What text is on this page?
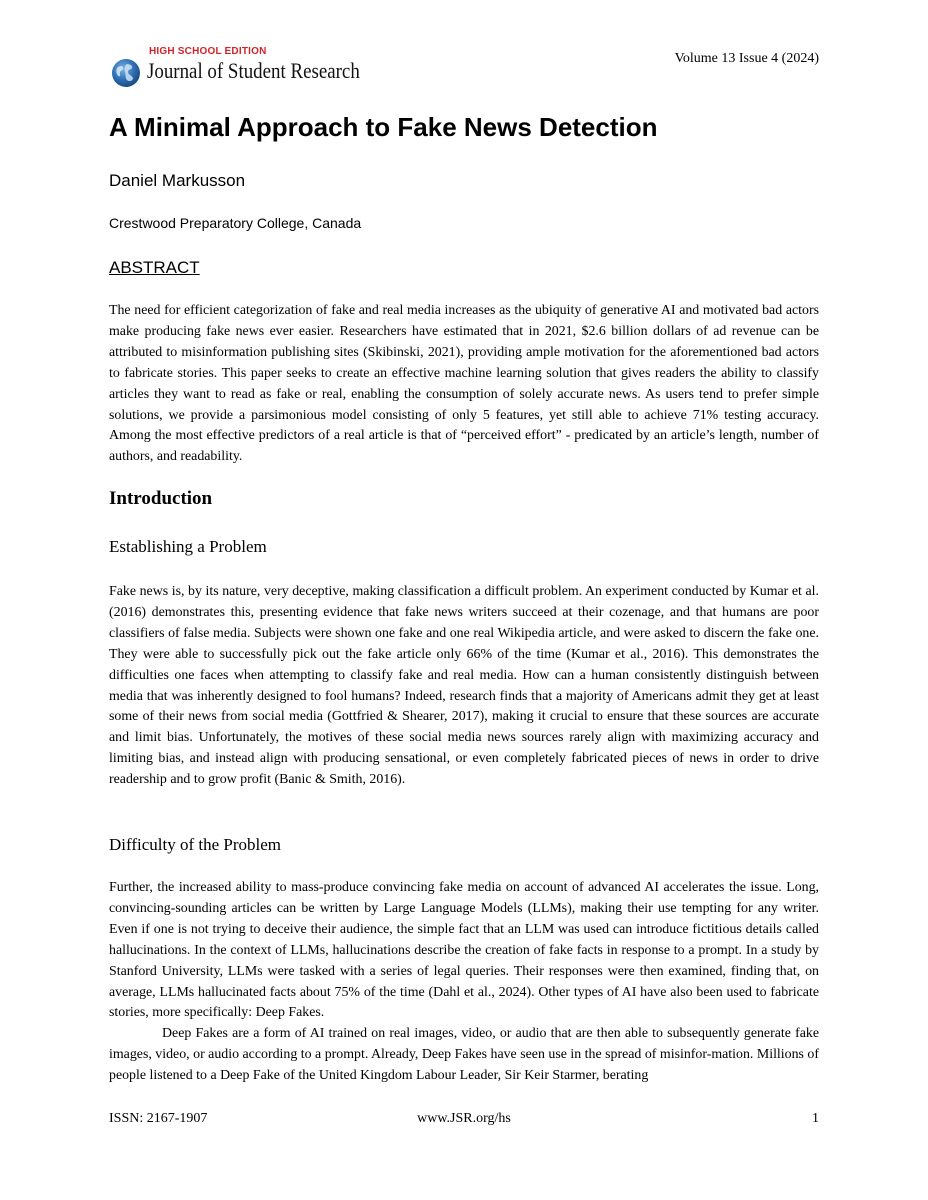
HIGH SCHOOL EDITION
Journal of Student Research	Volume 13 Issue 4 (2024)
A Minimal Approach to Fake News Detection
Daniel Markusson
Crestwood Preparatory College, Canada
ABSTRACT

The need for efficient categorization of fake and real media increases as the ubiquity of generative AI and motivated bad actors make producing fake news ever easier. Researchers have estimated that in 2021, $2.6 billion dollars of ad revenue can be attributed to misinformation publishing sites (Skibinski, 2021), providing ample motivation for the aforementioned bad actors to fabricate stories. This paper seeks to create an effective machine learning solution that gives readers the ability to classify articles they want to read as fake or real, enabling the consumption of solely accurate news. As users tend to prefer simple solutions, we provide a parsimonious model consisting of only 5 features, yet still able to achieve 71% testing accuracy. Among the most effective predictors of a real article is that of “perceived effort” - predicated by an article’s length, number of authors, and readability.

Introduction
Establishing a Problem

Fake news is, by its nature, very deceptive, making classification a difficult problem. An experiment conducted by Kumar et al. (2016) demonstrates this, presenting evidence that fake news writers succeed at their cozenage, and that humans are poor classifiers of false media. Subjects were shown one fake and one real Wikipedia article, and were asked to discern the fake one. They were able to successfully pick out the fake article only 66% of the time (Kumar et al., 2016). This demonstrates the difficulties one faces when attempting to classify fake and real media. How can a human consistently distinguish between media that was inherently designed to fool humans? Indeed, research finds that a majority of Americans admit they get at least some of their news from social media (Gottfried & Shearer, 2017), making it crucial to ensure that these sources are accurate and limit bias. Unfortunately, the motives of these social media news sources rarely align with maximizing accuracy and limiting bias, and instead align with producing sensational, or even completely fabricated pieces of news in order to drive readership and to grow profit (Banic & Smith, 2016).

Difficulty of the Problem

Further, the increased ability to mass-produce convincing fake media on account of advanced AI accelerates the issue. Long, convincing-sounding articles can be written by Large Language Models (LLMs), making their use tempting for any writer. Even if one is not trying to deceive their audience, the simple fact that an LLM was used can introduce fictitious details called hallucinations. In the context of LLMs, hallucinations describe the creation of fake facts in response to a prompt. In a study by Stanford University, LLMs were tasked with a series of legal queries. Their responses were then examined, finding that, on average, LLMs hallucinated facts about 75% of the time (Dahl et al., 2024). Other types of AI have also been used to fabricate stories, more specifically: Deep Fakes.

Deep Fakes are a form of AI trained on real images, video, or audio that are then able to subsequently generate fake images, video, or audio according to a prompt. Already, Deep Fakes have seen use in the spread of misinfor-mation. Millions of people listened to a Deep Fake of the United Kingdom Labour Leader, Sir Keir Starmer, berating

ISSN: 2167-1907	www.JSR.org/hs	1
